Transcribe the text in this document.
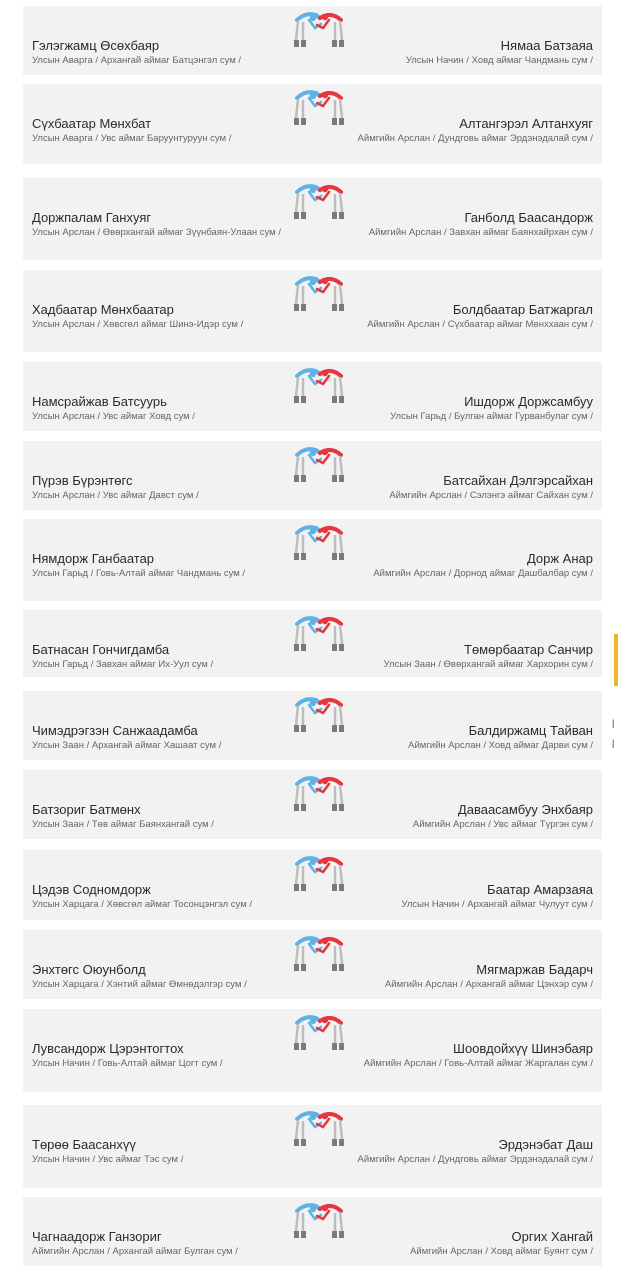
Гэлэгжамц Өсөхбаяр
Улсын Аварга / Архангай аймаг Батцэнгэл сум /
Нямаа Батзаяа
Улсын Начин / Ховд аймаг Чандмань сум /
Сүхбаатар Мөнхбат
Улсын Аварга / Увс аймаг Баруунтуруун сум /
Алтангэрэл Алтанхуяг
Аймгийн Арслан / Дундговь аймаг Эрдэнэдалай сум /
Доржпалам Ганхуяг
Улсын Арслан / Өвөрхангай аймаг Зүүнбаян-Улаан сум /
Ганболд Баасандорж
Аймгийн Арслан / Завхан аймаг Баянхайрхан сум /
Хадбаатар Мөнхбаатар
Улсын Арслан / Хөвсгөл аймаг Шинэ-Идэр сум /
Болдбаатар Батжаргал
Аймгийн Арслан / Сүхбаатар аймаг Мөнххаан сум /
Намсрайжав Батсуурь
Улсын Арслан / Увс аймаг Ховд сум /
Ишдорж Доржсамбуу
Улсын Гарьд / Булган аймаг Гурванбулаг сум /
Пүрэв Бүрэнтөгс
Улсын Арслан / Увс аймаг Давст сум /
Батсайхан Дэлгэрсайхан
Аймгийн Арслан / Сэлэнгэ аймаг Сайхан сум /
Нямдорж Ганбаатар
Улсын Гарьд / Говь-Алтай аймаг Чандмань сум /
Дорж Анар
Аймгийн Арслан / Дорнод аймаг Дашбалбар сум /
Батнасан Гончигдамба
Улсын Гарьд / Завхан аймаг Их-Уул сум /
Төмөрбаатар Санчир
Улсын Заан / Өвөрхангай аймаг Хархорин сум /
Чимэдрэгзэн Санжаадамба
Улсын Заан / Архангай аймаг Хашаат сум /
Балдиржамц Тайван
Аймгийн Арслан / Ховд аймаг Дарви сум /
Батзориг Батмөнх
Улсын Заан / Төв аймаг Баянхангай сум /
Даваасамбуу Энхбаяр
Аймгийн Арслан / Увс аймаг Түргэн сум /
Цэдэв Содномдорж
Улсын Харцага / Хөвсгөл аймаг Тосонцэнгэл сум /
Баатар Амарзаяа
Улсын Начин / Архангай аймаг Чулуут сум /
Энхтөгс Оюунболд
Улсын Харцага / Хэнтий аймаг Өмнөдэлгэр сум /
Мягмаржав Бадарч
Аймгийн Арслан / Архангай аймаг Цэнхэр сум /
Лувсандорж Цэрэнтогтох
Улсын Начин / Говь-Алтай аймаг Цогт сум /
Шоовдойхүү Шинэбаяр
Аймгийн Арслан / Говь-Алтай аймаг Жаргалан сум /
Төрөө Баасанхүү
Улсын Начин / Увс аймаг Тэс сум /
Эрдэнэбат Даш
Аймгийн Арслан / Дундговь аймаг Эрдэнэдалай сум /
Чагнаадорж Ганзориг
Аймгийн Арслан / Архангай аймаг Булган сум /
Оргих Хангай
Аймгийн Арслан / Ховд аймаг Буянт сум /
|
|
